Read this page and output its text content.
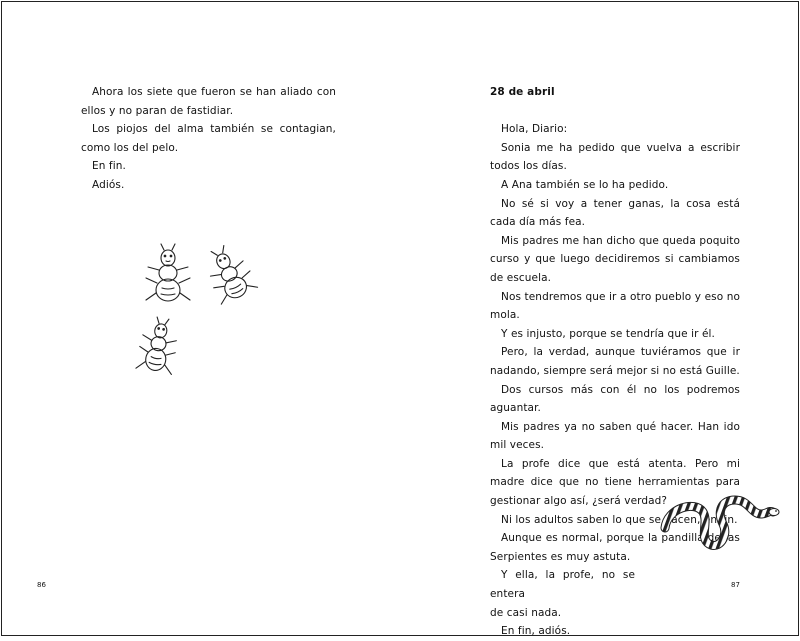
Ahora los siete que fueron se han aliado con ellos y no paran de fastidiar.

Los piojos del alma también se contagian, como los del pelo.

En fin.

Adiós.

86

28 de abril

Hola, Diario:

Sonia me ha pedido que vuelva a escribir todos los días.

A Ana también se lo ha pedido.

No sé si voy a tener ganas, la cosa está cada día más fea.

Mis padres me han dicho que queda poquito curso y que luego decidiremos si cambiamos de escuela.

Nos tendremos que ir a otro pueblo y eso no mola.

Y es injusto, porque se tendría que ir él.

Pero, la verdad, aunque tuviéramos que ir nadando, siempre será mejor si no está Guille.

Dos cursos más con él no los podremos aguantar.

Mis padres ya no saben qué hacer. Han ido mil veces.

La profe dice que está atenta. Pero mi madre dice que no tiene herramientas para gestionar algo así, ¿será verdad?

Ni los adultos saben lo que se hacen, en fin.

Aunque es normal, porque la pandilla de las Serpientes es muy astuta.

Y ella, la profe, no se entera

de casi nada.

En fin, adiós.

87
